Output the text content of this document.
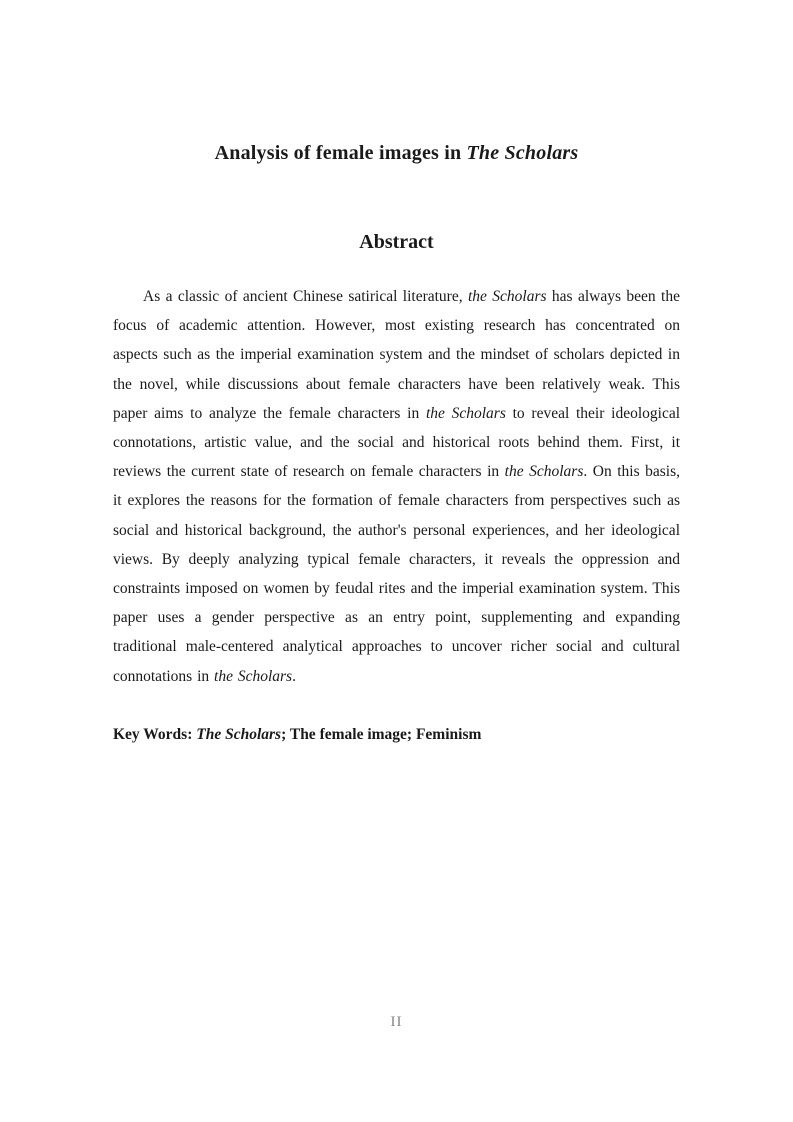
Analysis of female images in The Scholars
Abstract

As a classic of ancient Chinese satirical literature, the Scholars has always been the focus of academic attention. However, most existing research has concentrated on aspects such as the imperial examination system and the mindset of scholars depicted in the novel, while discussions about female characters have been relatively weak. This paper aims to analyze the female characters in the Scholars to reveal their ideological connotations, artistic value, and the social and historical roots behind them. First, it reviews the current state of research on female characters in the Scholars. On this basis, it explores the reasons for the formation of female characters from perspectives such as social and historical background, the author's personal experiences, and her ideological views. By deeply analyzing typical female characters, it reveals the oppression and constraints imposed on women by feudal rites and the imperial examination system. This paper uses a gender perspective as an entry point, supplementing and expanding traditional male-centered analytical approaches to uncover richer social and cultural connotations in the Scholars.

Key Words: The Scholars; The female image; Feminism

II
